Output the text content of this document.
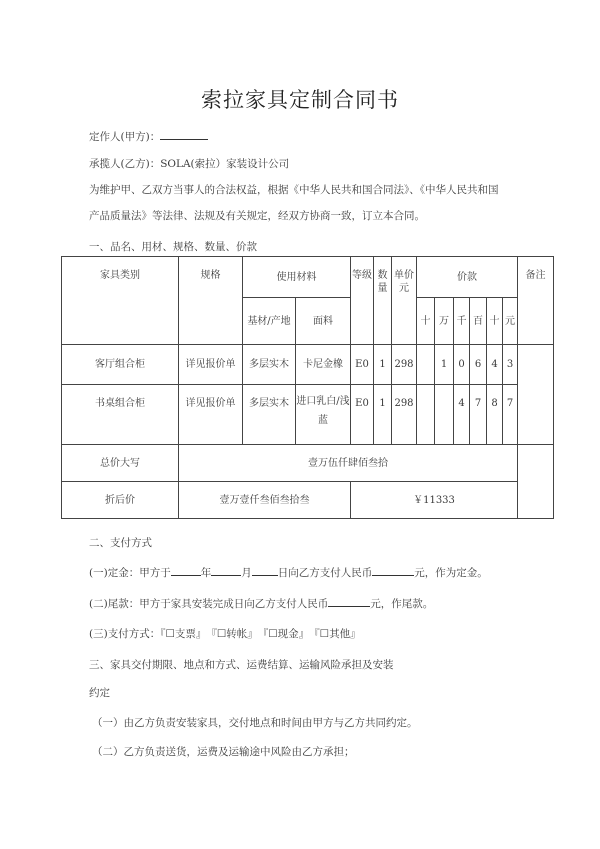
索拉家具定制合同书
定作人(甲方)：
承揽人(乙方)：SOLA(索拉）家装设计公司
为维护甲、乙双方当事人的合法权益，根据《中华人民共和国合同法》、《中华人民共和国
产品质量法》等法律、法规及有关规定，经双方协商一致，订立本合同。
一、品名、用材、规格、数量、价款
家具类别	规格	使用材料		等级	数量	单价元	价款						备注
		基材/产地	面料				十	万	千	百	十	元	
客厅组合柜	详见报价单	多层实木	卡尼金橡	E0	1	298		1	0	6	4	3	
书桌组合柜	详见报价单	多层实木	进口乳白/浅蓝	E0	1	298			4	7	8	7	
总价大写	壹万伍仟肆佰叁拾												
折后价	壹万壹仟叁佰叁拾叁			￥11333									
二、支付方式
(一)定金：甲方于	年	月 日向乙方支付人民币	元，作为定金。
(二)尾款：甲方于家具安装完成日向乙方支付人民币	元，作尾款。
(三)支付方式：『☐支票』　『☐转帐』　『☐现金』　『☐其他』
三、家具交付期限、地点和方式、运费结算、运输风险承担及安装
约定
（一）由乙方负责安装家具，交付地点和时间由甲方与乙方共同约定。
（二）乙方负责送货，运费及运输途中风险由乙方承担；
